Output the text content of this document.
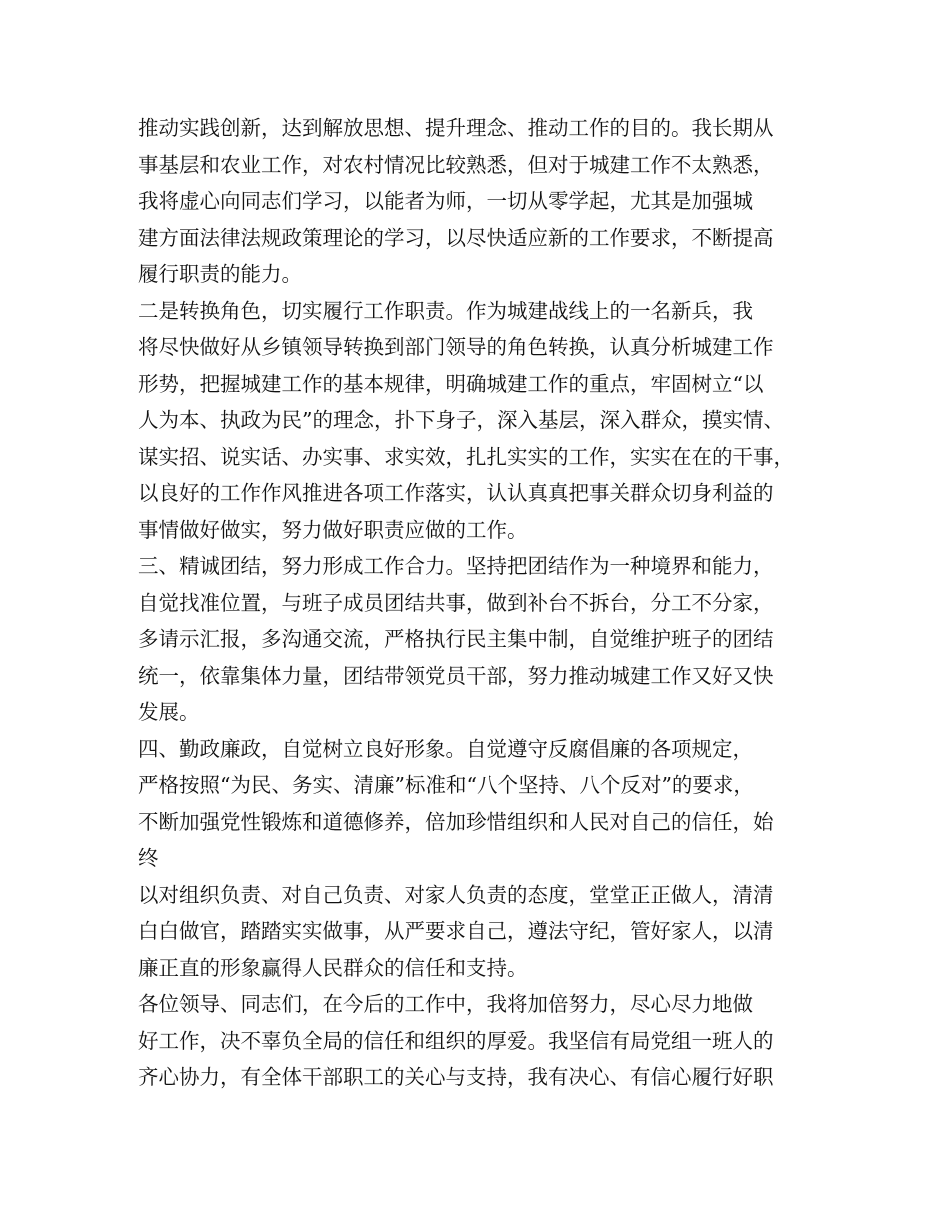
推动实践创新，达到解放思想、提升理念、推动工作的目的。我长期从
事基层和农业工作，对农村情况比较熟悉，但对于城建工作不太熟悉，
我将虚心向同志们学习，以能者为师，一切从零学起，尤其是加强城
建方面法律法规政策理论的学习，以尽快适应新的工作要求，不断提高
履行职责的能力。
二是转换角色，切实履行工作职责。作为城建战线上的一名新兵，我
将尽快做好从乡镇领导转换到部门领导的角色转换，认真分析城建工作
形势，把握城建工作的基本规律，明确城建工作的重点，牢固树立“以
人为本、执政为民”的理念，扑下身子，深入基层，深入群众，摸实情、
谋实招、说实话、办实事、求实效，扎扎实实的工作，实实在在的干事，
以良好的工作作风推进各项工作落实，认认真真把事关群众切身利益的
事情做好做实，努力做好职责应做的工作。
三、精诚团结，努力形成工作合力。坚持把团结作为一种境界和能力，
自觉找准位置，与班子成员团结共事，做到补台不拆台，分工不分家，
多请示汇报，多沟通交流，严格执行民主集中制，自觉维护班子的团结
统一，依靠集体力量，团结带领党员干部，努力推动城建工作又好又快
发展。
四、勤政廉政，自觉树立良好形象。自觉遵守反腐倡廉的各项规定，
严格按照“为民、务实、清廉”标准和“八个坚持、八个反对”的要求，
不断加强党性锻炼和道德修养，倍加珍惜组织和人民对自己的信任，始
终
以对组织负责、对自己负责、对家人负责的态度，堂堂正正做人，清清
白白做官，踏踏实实做事，从严要求自己，遵法守纪，管好家人，以清
廉正直的形象赢得人民群众的信任和支持。
各位领导、同志们，在今后的工作中，我将加倍努力，尽心尽力地做
好工作，决不辜负全局的信任和组织的厚爱。我坚信有局党组一班人的
齐心协力，有全体干部职工的关心与支持，我有决心、有信心履行好职
